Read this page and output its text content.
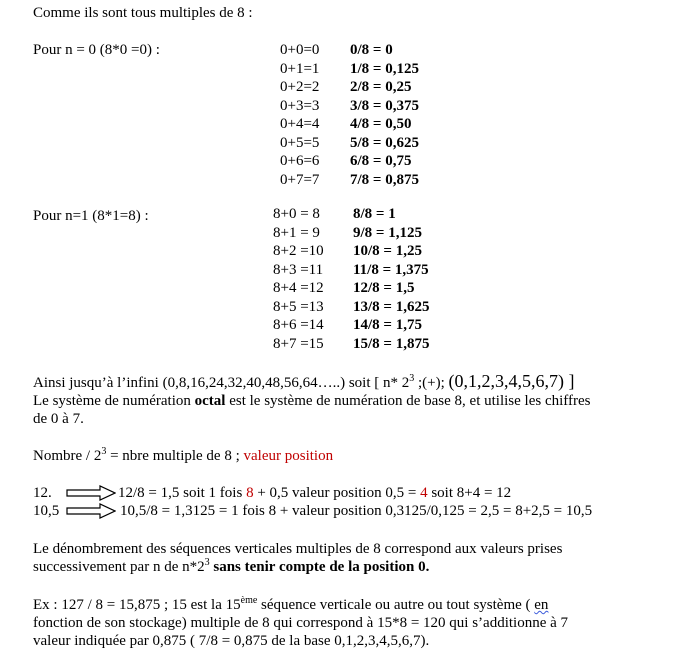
Comme ils sont tous multiples de 8 :
Pour n = 0 (8*0 =0) :	0+0=0 0/8 = 0
0+1=1 1/8 = 0,125
0+2=2 2/8 = 0,25
0+3=3 3/8 = 0,375
0+4=4 4/8 = 0,50
0+5=5 5/8 = 0,625
0+6=6 6/8 = 0,75
0+7=7 7/8 = 0,875
Pour n=1 (8*1=8) :	8+0 = 8 8/8 = 1
8+1 = 9 9/8 = 1,125
8+2 =10 10/8 = 1,25
8+3 =11 11/8 = 1,375
8+4 =12 12/8 = 1,5
8+5 =13 13/8 = 1,625
8+6 =14 14/8 = 1,75
8+7 =15 15/8 = 1,875
Ainsi jusqu’à l’infini (0,8,16,24,32,40,48,56,64…..) soit [ n* $2^3$ ;(+); (0,1,2,3,4,5,6,7) ]
Le système de numération octal est le système de numération de base 8, et utilise les chiffres
de 0 à 7.
Nombre / $2^3$ = nbre multiple de 8 ; valeur position
12.	12/8 = 1,5 soit 1 fois 8 + 0,5 valeur position 0,5 = 4 soit 8+4 = 12
10,5	10,5/8 = 1,3125 = 1 fois 8 + valeur position 0,3125/0,125 = 2,5 = 8+2,5 = 10,5
Le dénombrement des séquences verticales multiples de 8 correspond aux valeurs prises
successivement par n de $n*2^3$ sans tenir compte de la position 0.
Ex : 127 / 8 = 15,875 ; 15 est la 15ème séquence verticale ou autre ou tout système ( en
fonction de son stockage) multiple de 8 qui correspond à 15*8 = 120 qui s’additionne à 7
valeur indiquée par 0,875 ( 7/8 = 0,875 de la base 0,1,2,3,4,5,6,7).
